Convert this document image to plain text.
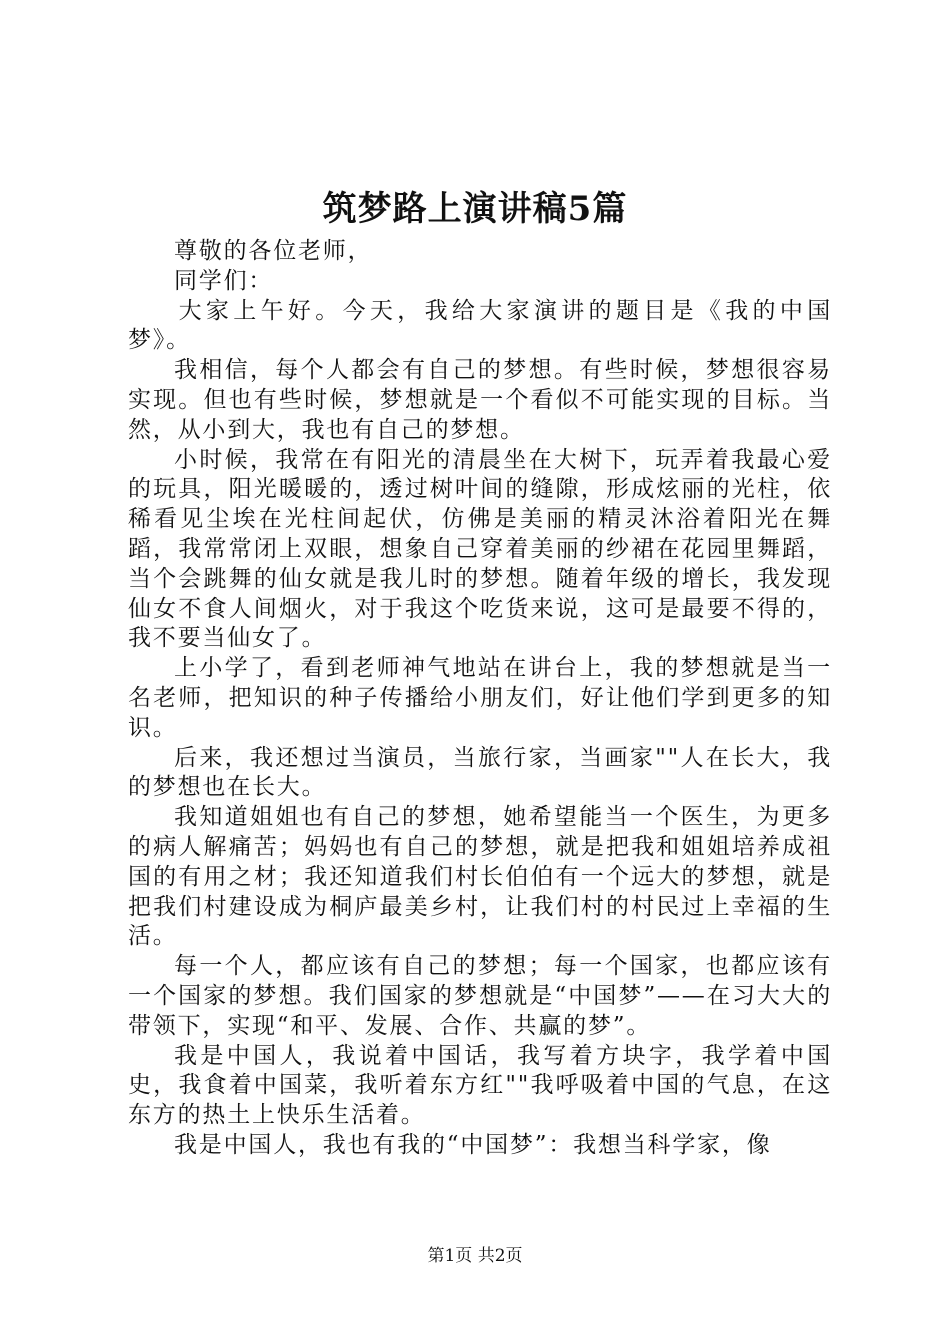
筑梦路上演讲稿5篇

尊敬的各位老师，

同学们：

大家上午好。今天，我给大家演讲的题目是《我的中国梦》。

我相信，每个人都会有自己的梦想。有些时候，梦想很容易实现。但也有些时候，梦想就是一个看似不可能实现的目标。当然，从小到大，我也有自己的梦想。

小时候，我常在有阳光的清晨坐在大树下，玩弄着我最心爱的玩具，阳光暖暖的，透过树叶间的缝隙，形成炫丽的光柱，依稀看见尘埃在光柱间起伏，仿佛是美丽的精灵沐浴着阳光在舞蹈，我常常闭上双眼，想象自己穿着美丽的纱裙在花园里舞蹈，当个会跳舞的仙女就是我儿时的梦想。随着年级的增长，我发现仙女不食人间烟火，对于我这个吃货来说，这可是最要不得的，我不要当仙女了。

上小学了，看到老师神气地站在讲台上，我的梦想就是当一名老师，把知识的种子传播给小朋友们，好让他们学到更多的知识。

后来，我还想过当演员，当旅行家，当画家""人在长大，我的梦想也在长大。

我知道姐姐也有自己的梦想，她希望能当一个医生，为更多的病人解痛苦；妈妈也有自己的梦想，就是把我和姐姐培养成祖国的有用之材；我还知道我们村长伯伯有一个远大的梦想，就是把我们村建设成为桐庐最美乡村，让我们村的村民过上幸福的生活。

每一个人，都应该有自己的梦想；每一个国家，也都应该有一个国家的梦想。我们国家的梦想就是“中国梦”——在习大大的带领下，实现“和平、发展、合作、共赢的梦”。

我是中国人，我说着中国话，我写着方块字，我学着中国史，我食着中国菜，我听着东方红""我呼吸着中国的气息，在这东方的热土上快乐生活着。

我是中国人，我也有我的“中国梦”：我想当科学家，像

第1页 共2页
